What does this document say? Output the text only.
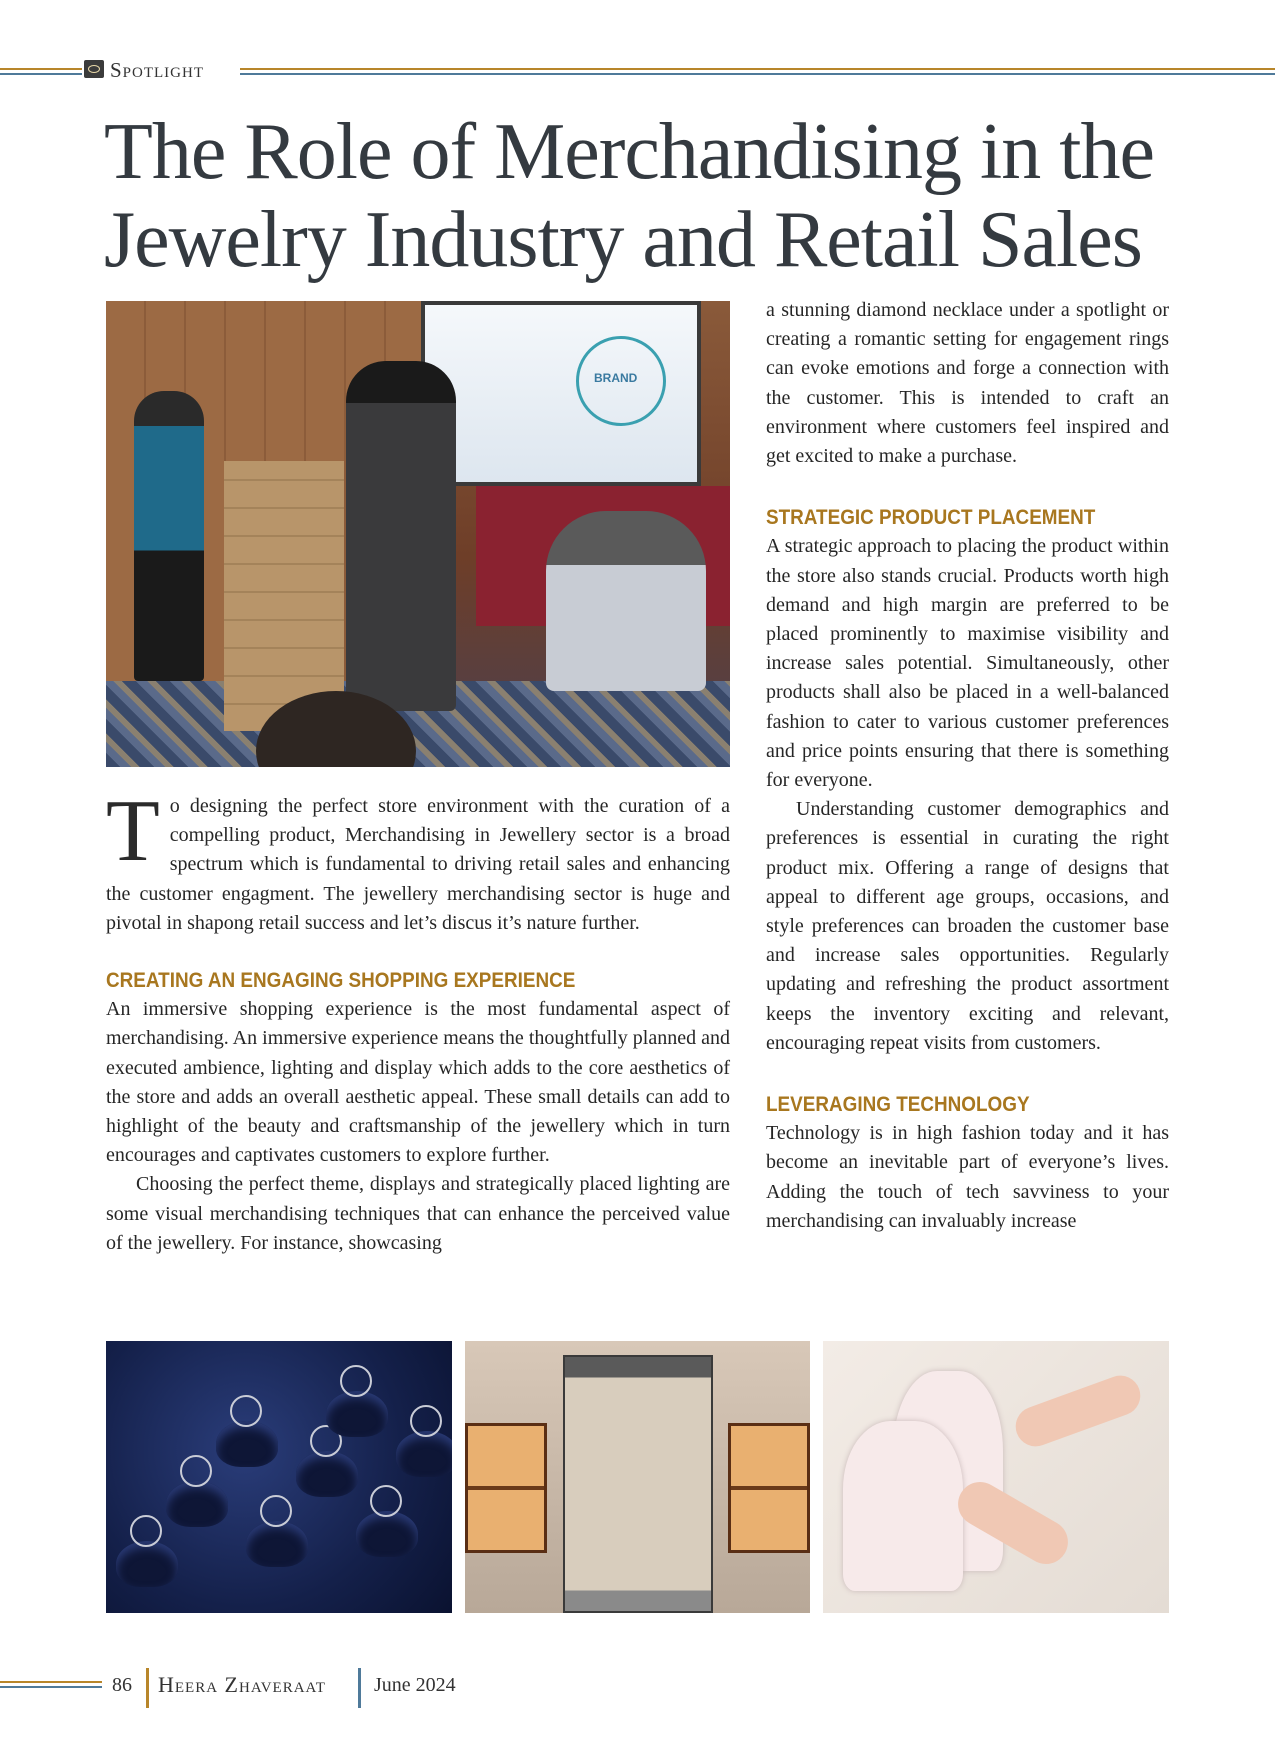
Spotlight
The Role of Merchandising in the Jewelry Industry and Retail Sales
BRAND

To designing the perfect store environment with the curation of a compelling product, Merchandising in Jewellery sector is a broad spectrum which is fundamental to driving retail sales and enhancing the customer engagment. The jewellery merchandising sector is huge and pivotal in shapong retail success and let’s discus it’s nature further.

CREATING AN ENGAGING SHOPPING EXPERIENCE

An immersive shopping experience is the most fundamental aspect of merchandising. An immersive experience means the thoughtfully planned and executed ambience, lighting and display which adds to the core aesthetics of the store and adds an overall aesthetic appeal. These small details can add to highlight of the beauty and craftsmanship of the jewellery which in turn encourages and captivates customers to explore further.

Choosing the perfect theme, displays and strategically placed lighting are some visual merchandising techniques that can enhance the perceived value of the jewellery. For instance, showcasing

a stunning diamond necklace under a spotlight or creating a romantic setting for engagement rings can evoke emotions and forge a connection with the customer. This is intended to craft an environment where customers feel inspired and get excited to make a purchase.

STRATEGIC PRODUCT PLACEMENT

A strategic approach to placing the product within the store also stands crucial. Products worth high demand and high margin are preferred to be placed prominently to maximise visibility and increase sales potential. Simultaneously, other products shall also be placed in a well-balanced fashion to cater to various customer preferences and price points ensuring that there is something for everyone.

Understanding customer demographics and preferences is essential in curating the right product mix. Offering a range of designs that appeal to different age groups, occasions, and style preferences can broaden the customer base and increase sales opportunities. Regularly updating and refreshing the product assortment keeps the inventory exciting and relevant, encouraging repeat visits from customers.

LEVERAGING TECHNOLOGY

Technology is in high fashion today and it has become an inevitable part of everyone’s lives. Adding the touch of tech savviness to your merchandising can invaluably increase

86 Heera Zhaveraat June 2024
